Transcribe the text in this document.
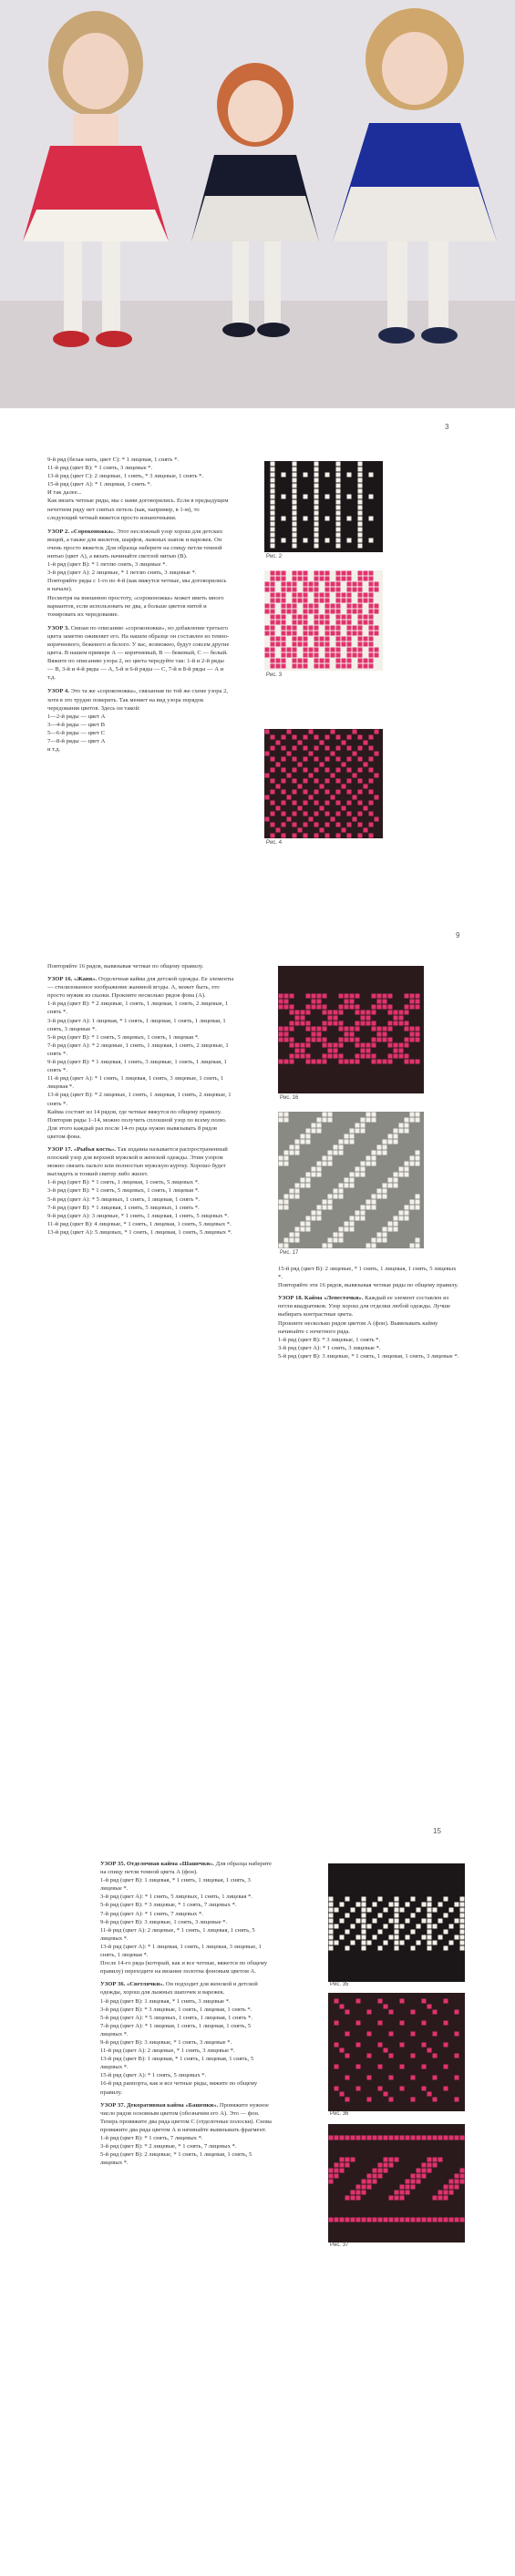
3

9-й ряд (белая нить, цвет С): * 1 лицевая, 1 снять *.

11-й ряд (цвет В): * 1 снять, 3 лицевые *.

13-й ряд (цвет С): 2 лицевые, 1 снять, * 3 лицевые, 1 снять *.

15-й ряд (цвет А): * 1 лицевая, 1 снять *.

И так далее...

Как вязать четные ряды, мы с вами договорились. Если в предыдущем нечетном ряду нет снятых петель (как, например, в 1-м), то следующий четный вяжется просто изнаночными.

УЗОР 2. «Сороконожка». Этот несложный узор хорош для детских вещей, а также для жилетов, шарфов, лыжных шапок и варежек. Он очень просто вяжется. Для образца наберите на спицу петли темной нитью (цвет А), а вязать начинайте светлой нитью (В).

1-й ряд (цвет В): * 1 петлю снять, 3 лицевые *.

3-й ряд (цвет А): 2 лицевые, * 1 петлю снять, 3 лицевые *.

Повторяйте ряды с 1-го по 4-й (как вяжутся четные, мы договорились в начале).

Несмотря на внешнюю простоту, «сороконожка» может иметь много вариантов, если использовать не два, а больше цветов нитей и тонировать их чередование.

УЗОР 3. Связан по описанию «сороконожки», но добавление третьего цвета заметно оживляет его. На нашем образце он составлен из темно-коричневого, бежевого и белого. У вас, возможно, будут совсем другие цвета. В нашем примере А — коричневый, В — бежевый, С — белый. Вяжите по описанию узора 2, но цвета чередуйте так: 1-й и 2-й ряды — В, 3-й и 4-й ряды — А, 5-й и 6-й ряды — С, 7-й и 8-й ряды — А и т.д.

УЗОР 4. Это та же «сороконожка», связанная по той же схеме узора 2, хотя в это трудно поверить. Так меняет на вид узора порядок чередования цветов. Здесь он такой:

1—2-й ряды — цвет А

3—4-й ряды — цвет В

5—6-й ряды — цвет С

7—8-й ряды — цвет А

и т.д.

Рис. 2
Рис. 3
Рис. 4
9

Повторяйте 16 рядов, вывязывая четные по общему правилу.

УЗОР 16. «Жаня». Отделочная кайма для детской одежды. Ее элементы — стилизованное изображение жаниной ягоды. А, может быть, это просто мужик из сказки. Прокните несколько рядов фона (А).

1-й ряд (цвет В): * 2 лицевые, 1 снять, 1 лицевая, 1 снять, 2 лицевые, 1 снять *.

3-й ряд (цвет А): 1 лицевая, * 1 снять, 1 лицевая, 1 снять, 1 лицевая, 1 снять, 3 лицевые *.

5-й ряд (цвет В): * 1 снять, 5 лицевых, 1 снять, 1 лицевая *.

7-й ряд (цвет А): * 2 лицевые, 1 снять, 1 лицевая, 1 снять, 2 лицевые, 1 снять *.

9-й ряд (цвет В): * 1 лицевая, 1 снять, 3 лицевые, 1 снять, 1 лицевая, 1 снять *.

11-й ряд (цвет А): * 1 снять, 1 лицевая, 1 снять, 3 лицевые, 1 снять, 1 лицевая *.

13-й ряд (цвет В): * 2 лицевые, 1 снять, 1 лицевая, 1 снять, 2 лицевые, 1 снять *.

Кайма состоит из 14 рядов, где четные вяжутся по общему правилу. Повторив ряды 1–14, можно получить сплошной узор по всему полю. Для этого каждый раз после 14-го ряда нужно вывязывать 8 рядов цветом фона.

УЗОР 17. «Рыбья кость». Так издавна называется распространенный плоский узор для верхней мужской и женской одежды. Этим узором можно связать пальто или полностью мужскую куртку. Хорошо будет выглядеть и тонкий свитер либо жилет.

1-й ряд (цвет В): * 1 снять, 1 лицевая, 1 снять, 5 лицевых *.

3-й ряд (цвет В): * 1 снять, 5 лицевых, 1 снять, 1 лицевая *.

5-й ряд (цвет А): * 5 лицевых, 1 снять, 1 лицевая, 1 снять *.

7-й ряд (цвет В): * 1 лицевая, 1 снять, 5 лицевых, 1 снять *.

9-й ряд (цвет А): 3 лицевые, * 1 снять, 1 лицевая, 1 снять, 5 лицевых *.

11-й ряд (цвет В): 4 лицевые, * 1 снять, 1 лицевая, 1 снять, 5 лицевых *.

13-й ряд (цвет А): 5 лицевых, * 1 снять, 1 лицевая, 1 снять, 5 лицевых *.

Рис. 16
Рис. 17

15-й ряд (цвет В): 2 лицевые, * 1 снять, 1 лицевая, 1 снять, 5 лицевых *.

Повторяйте эти 16 рядов, вывязывая четные ряды по общему правилу.

УЗОР 18. Кайма «Лепесточки». Каждый ее элемент составлен из петли квадратиков. Узор хорош для отделки любой одежды. Лучше выбирать контрастные цвета.

Прокните несколько рядов цветом А (фон). Вывязывать кайму начинайте с нечетного ряда.

1-й ряд (цвет В): * 3 лицевые, 1 снять *.

3-й ряд (цвет А): * 1 снять, 3 лицевые *.

5-й ряд (цвет В): 3 лицевые, * 1 снять, 1 лицевая, 1 снять, 3 лицевые *.

15

УЗОР 35. Отделочная кайма «Шашечки». Для образца наберите на спицу петли темной цвета А (фон).

1-й ряд (цвет В): 1 лицевая, * 1 снять, 1 лицевая, 1 снять, 3 лицевые *.

3-й ряд (цвет А): * 1 снять, 5 лицевых, 1 снять, 1 лицевая *.

5-й ряд (цвет В): * 3 лицевые, * 1 снять, 7 лицевых *.

7-й ряд (цвет А): * 1 снять, 7 лицевых *.

9-й ряд (цвет В): 3 лицевые, 1 снять, 3 лицевые *.

11-й ряд (цвет А): 2 лицевые, * 1 снять, 1 лицевая, 1 снять, 5 лицевых *.

13-й ряд (цвет А): * 1 лицевая, 1 снять, 1 лицевая, 3 лицевые, 1 снять, 1 лицевая *.

После 14-го ряда (который, как и все четные, вяжется по общему правилу) переходите на вязание полотна фоновым цветом А.

УЗОР 36. «Светлячки». Он подходит для женской и детской одежды, хорош для лыжных шапочек и варежек.

1-й ряд (цвет В): 1 лицевая, * 1 снять, 3 лицевые *.

3-й ряд (цвет В): * 3 лицевые, 1 снять, 1 лицевая, 1 снять *.

5-й ряд (цвет А): * 5 лицевых, 1 снять, 1 лицевая, 1 снять *.

7-й ряд (цвет А): * 1 лицевая, 1 снять, 1 лицевая, 1 снять, 5 лицевых *.

9-й ряд (цвет В): 3 лицевые, * 1 снять, 3 лицевые *.

11-й ряд (цвет А): 2 лицевые, * 1 снять, 3 лицевые *.

13-й ряд (цвет В): 1 лицевая, * 1 снять, 1 лицевая, 1 снять, 5 лицевых *.

15-й ряд (цвет А): * 1 снять, 5 лицевых *.

16-й ряд раппорта, как и все четные ряды, вяжите по общему правилу.

УЗОР 37. Декоративная кайма «Башенки». Провяжите нужное число рядов основным цветом (обозначим его А). Это — фон.

Теперь провяжите два ряда цветом С (отделочные полоски). Снова провяжите два ряда цветом А и начинайте вывязывать фрагмент.

1-й ряд (цвет В): * 1 снять, 7 лицевых *.

3-й ряд (цвет В): * 2 лицевые, * 1 снять, 7 лицевых *.

5-й ряд (цвет В): 2 лицевые, * 1 снять, 1 лицевая, 1 снять, 5 лицевых *.

Рис. 35
Рис. 36
Рис. 37
